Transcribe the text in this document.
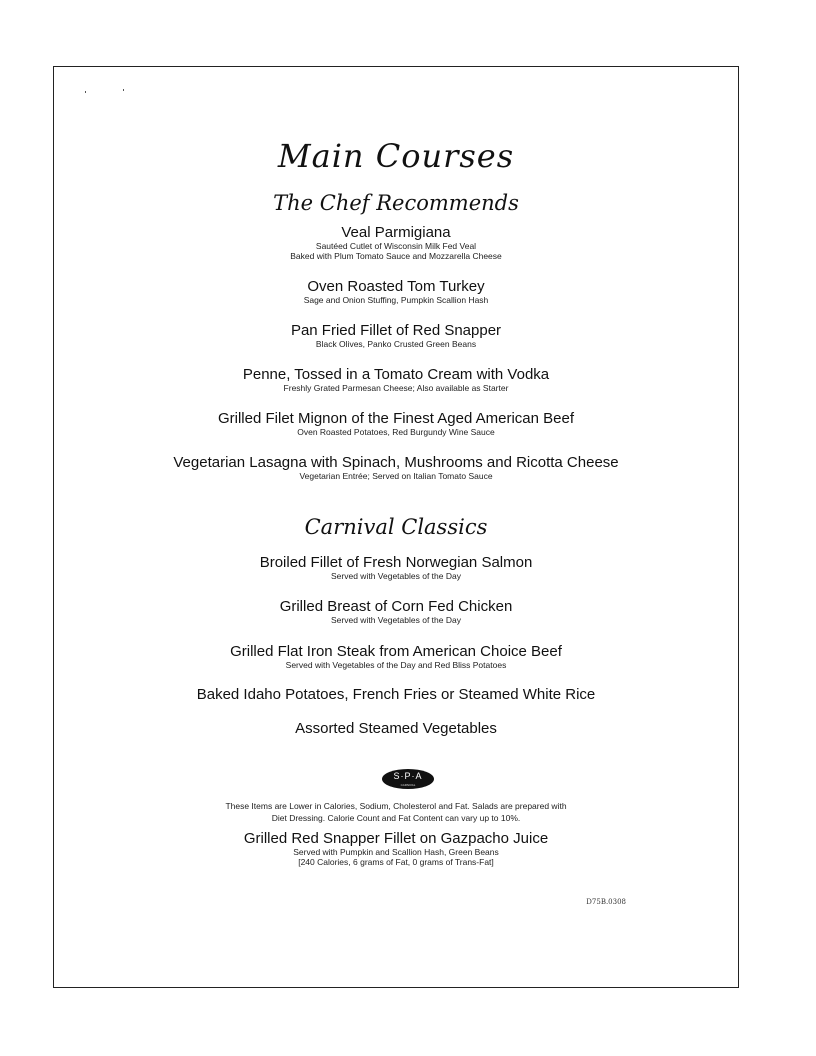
Main Courses
The Chef Recommends
Veal Parmigiana
Sautéed Cutlet of Wisconsin Milk Fed Veal
Baked with Plum Tomato Sauce and Mozzarella Cheese
Oven Roasted Tom Turkey
Sage and Onion Stuffing, Pumpkin Scallion Hash
Pan Fried Fillet of Red Snapper
Black Olives, Panko Crusted Green Beans
Penne, Tossed in a Tomato Cream with Vodka
Freshly Grated Parmesan Cheese; Also available as Starter
Grilled Filet Mignon of the Finest Aged American Beef
Oven Roasted Potatoes, Red Burgundy Wine Sauce
Vegetarian Lasagna with Spinach, Mushrooms and Ricotta Cheese
Vegetarian Entrée; Served on Italian Tomato Sauce
Carnival Classics
Broiled Fillet of Fresh Norwegian Salmon
Served with Vegetables of the Day
Grilled Breast of Corn Fed Chicken
Served with Vegetables of the Day
Grilled Flat Iron Steak from American Choice Beef
Served with Vegetables of the Day and Red Bliss Potatoes
Baked Idaho Potatoes, French Fries or Steamed White Rice
Assorted Steamed Vegetables
S·P·A
CARNIVAL
These Items are Lower in Calories, Sodium, Cholesterol and Fat. Salads are prepared with
Diet Dressing. Calorie Count and Fat Content can vary up to 10%.
Grilled Red Snapper Fillet on Gazpacho Juice
Served with Pumpkin and Scallion Hash, Green Beans
[240 Calories, 6 grams of Fat, 0 grams of Trans-Fat]
D75B.0308
